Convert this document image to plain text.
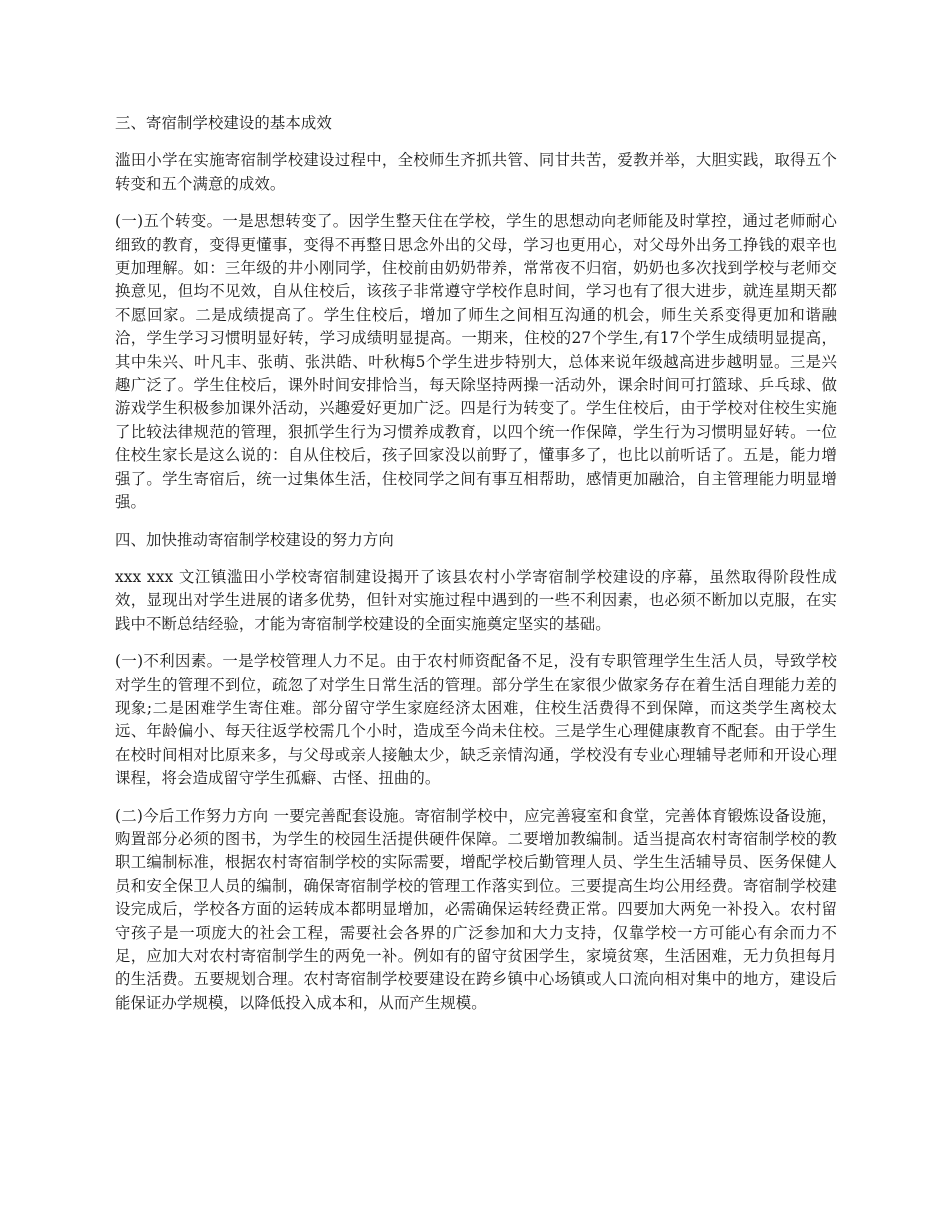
三、寄宿制学校建设的基本成效

滥田小学在实施寄宿制学校建设过程中，全校师生齐抓共管、同甘共苦，爱教并举，大胆实践，取得五个转变和五个满意的成效。

(一)五个转变。一是思想转变了。因学生整天住在学校，学生的思想动向老师能及时掌控，通过老师耐心细致的教育，变得更懂事，变得不再整日思念外出的父母，学习也更用心，对父母外出务工挣钱的艰辛也更加理解。如：三年级的井小刚同学，住校前由奶奶带养，常常夜不归宿，奶奶也多次找到学校与老师交换意见，但均不见效，自从住校后，该孩子非常遵守学校作息时间，学习也有了很大进步，就连星期天都不愿回家。二是成绩提高了。学生住校后，增加了师生之间相互沟通的机会，师生关系变得更加和谐融洽，学生学习习惯明显好转，学习成绩明显提高。一期来，住校的27个学生,有17个学生成绩明显提高，其中朱兴、叶凡丰、张萌、张洪皓、叶秋梅5个学生进步特别大，总体来说年级越高进步越明显。三是兴趣广泛了。学生住校后，课外时间安排恰当，每天除坚持两操一活动外，课余时间可打篮球、乒乓球、做游戏学生积极参加课外活动，兴趣爱好更加广泛。四是行为转变了。学生住校后，由于学校对住校生实施了比较法律规范的管理，狠抓学生行为习惯养成教育，以四个统一作保障，学生行为习惯明显好转。一位住校生家长是这么说的：自从住校后，孩子回家没以前野了，懂事多了，也比以前听话了。五是，能力增强了。学生寄宿后，统一过集体生活，住校同学之间有事互相帮助，感情更加融洽，自主管理能力明显增强。

四、加快推动寄宿制学校建设的努力方向

xxx xxx 文江镇滥田小学校寄宿制建设揭开了该县农村小学寄宿制学校建设的序幕，虽然取得阶段性成效，显现出对学生进展的诸多优势，但针对实施过程中遇到的一些不利因素，也必须不断加以克服，在实践中不断总结经验，才能为寄宿制学校建设的全面实施奠定坚实的基础。

(一)不利因素。一是学校管理人力不足。由于农村师资配备不足，没有专职管理学生生活人员，导致学校对学生的管理不到位，疏忽了对学生日常生活的管理。部分学生在家很少做家务存在着生活自理能力差的现象;二是困难学生寄住难。部分留守学生家庭经济太困难，住校生活费得不到保障，而这类学生离校太远、年龄偏小、每天往返学校需几个小时，造成至今尚未住校。三是学生心理健康教育不配套。由于学生在校时间相对比原来多，与父母或亲人接触太少，缺乏亲情沟通，学校没有专业心理辅导老师和开设心理课程，将会造成留守学生孤癖、古怪、扭曲的。

(二)今后工作努力方向 一要完善配套设施。寄宿制学校中，应完善寝室和食堂，完善体育锻炼设备设施，购置部分必须的图书，为学生的校园生活提供硬件保障。二要增加教编制。适当提高农村寄宿制学校的教职工编制标准，根据农村寄宿制学校的实际需要，增配学校后勤管理人员、学生生活辅导员、医务保健人员和安全保卫人员的编制，确保寄宿制学校的管理工作落实到位。三要提高生均公用经费。寄宿制学校建设完成后，学校各方面的运转成本都明显增加，必需确保运转经费正常。四要加大两免一补投入。农村留守孩子是一项庞大的社会工程，需要社会各界的广泛参加和大力支持，仅靠学校一方可能心有余而力不足，应加大对农村寄宿制学生的两免一补。例如有的留守贫困学生，家境贫寒，生活困难，无力负担每月的生活费。五要规划合理。农村寄宿制学校要建设在跨乡镇中心场镇或人口流向相对集中的地方，建设后能保证办学规模，以降低投入成本和，从而产生规模。
